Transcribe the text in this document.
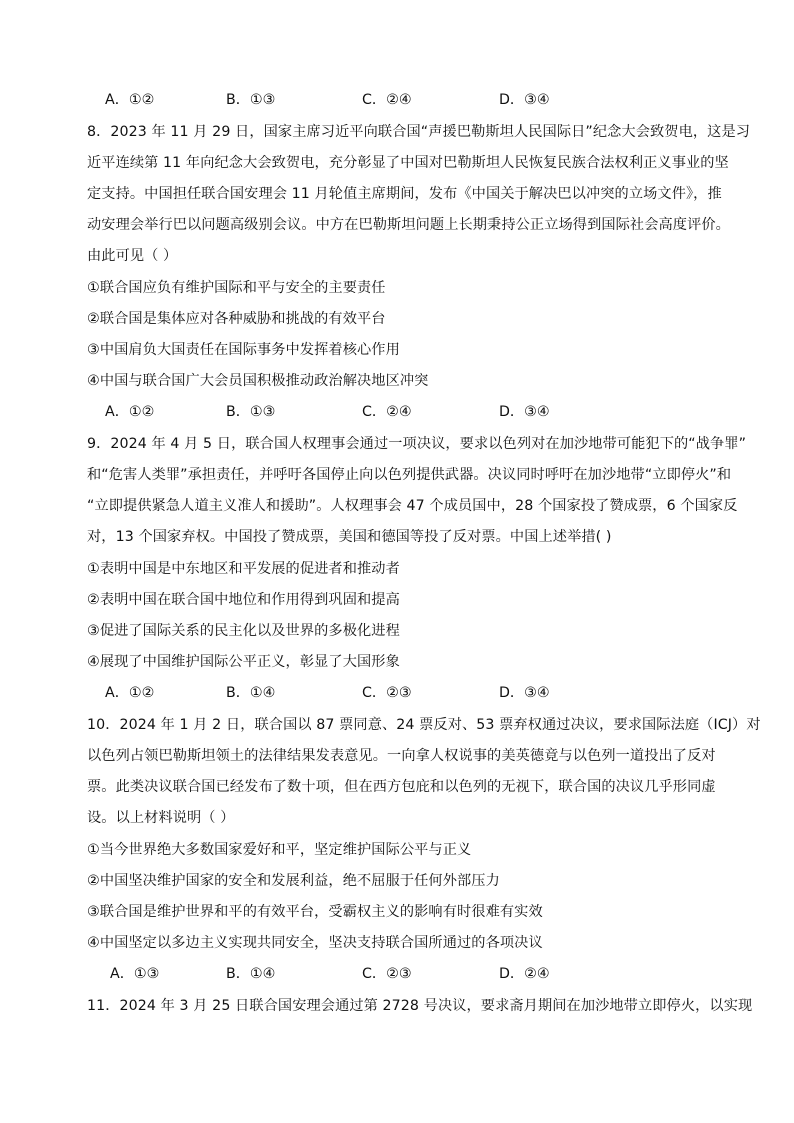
A．①②	B．①③	C．②④	D．③④
8．2023 年 11 月 29 日，国家主席习近平向联合国“声援巴勒斯坦人民国际日”纪念大会致贺电，这是习
近平连续第 11 年向纪念大会致贺电，充分彰显了中国对巴勒斯坦人民恢复民族合法权利正义事业的坚
定支持。中国担任联合国安理会 11 月轮值主席期间，发布《中国关于解决巴以冲突的立场文件》，推
动安理会举行巴以问题高级别会议。中方在巴勒斯坦问题上长期秉持公正立场得到国际社会高度评价。
由此可见（ ）
①联合国应负有维护国际和平与安全的主要责任
②联合国是集体应对各种威胁和挑战的有效平台
③中国肩负大国责任在国际事务中发挥着核心作用
④中国与联合国广大会员国积极推动政治解决地区冲突
A．①②	B．①③	C．②④	D．③④
9．2024 年 4 月 5 日，联合国人权理事会通过一项决议，要求以色列对在加沙地带可能犯下的“战争罪”
和“危害人类罪”承担责任，并呼吁各国停止向以色列提供武器。决议同时呼吁在加沙地带“立即停火”和
“立即提供紧急人道主义准人和援助”。人权理事会 47 个成员国中，28 个国家投了赞成票，6 个国家反
对，13 个国家弃权。中国投了赞成票，美国和德国等投了反对票。中国上述举措( )
①表明中国是中东地区和平发展的促进者和推动者
②表明中国在联合国中地位和作用得到巩固和提高
③促进了国际关系的民主化以及世界的多极化进程
④展现了中国维护国际公平正义，彰显了大国形象
A．①②	B．①④	C．②③	D．③④
10．2024 年 1 月 2 日，联合国以 87 票同意、24 票反对、53 票弃权通过决议，要求国际法庭（ICJ）对
以色列占领巴勒斯坦领土的法律结果发表意见。一向拿人权说事的美英德竟与以色列一道投出了反对
票。此类决议联合国已经发布了数十项，但在西方包庇和以色列的无视下，联合国的决议几乎形同虚
设。以上材料说明（ ）
①当今世界绝大多数国家爱好和平，坚定维护国际公平与正义
②中国坚决维护国家的安全和发展利益，绝不屈服于任何外部压力
③联合国是维护世界和平的有效平台，受霸权主义的影响有时很难有实效
④中国坚定以多边主义实现共同安全，坚决支持联合国所通过的各项决议
A．①③	B．①④	C．②③	D．②④
11．2024 年 3 月 25 日联合国安理会通过第 2728 号决议，要求斋月期间在加沙地带立即停火，以实现
